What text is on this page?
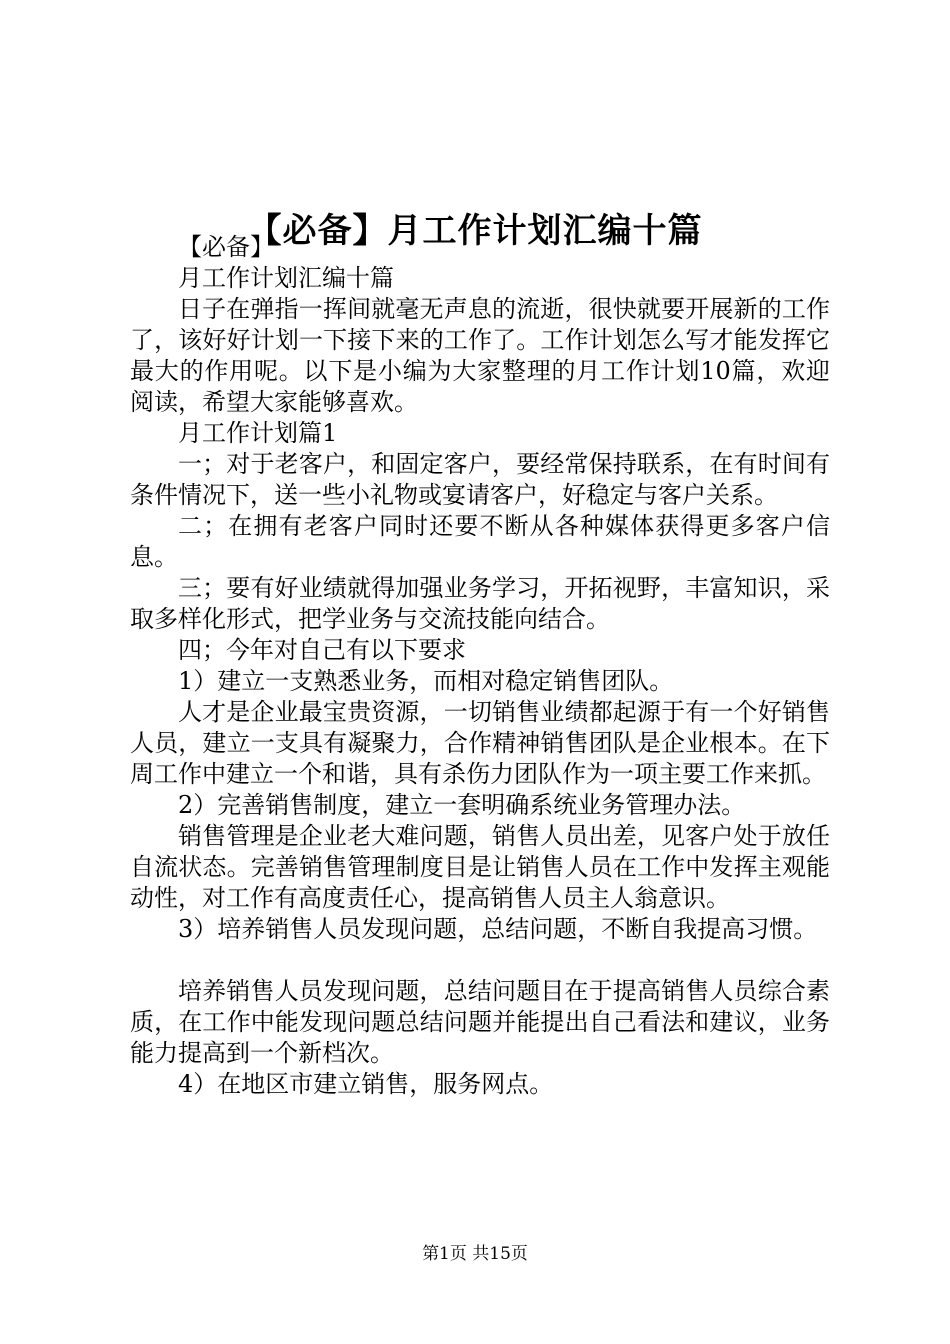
【必备】月工作计划汇编十篇

【必备】

月工作计划汇编十篇

日子在弹指一挥间就毫无声息的流逝，很快就要开展新的工作了，该好好计划一下接下来的工作了。工作计划怎么写才能发挥它最大的作用呢。以下是小编为大家整理的月工作计划10篇，欢迎阅读，希望大家能够喜欢。

月工作计划篇1

一；对于老客户，和固定客户，要经常保持联系，在有时间有条件情况下，送一些小礼物或宴请客户，好稳定与客户关系。

二；在拥有老客户同时还要不断从各种媒体获得更多客户信息。

三；要有好业绩就得加强业务学习，开拓视野，丰富知识，采取多样化形式，把学业务与交流技能向结合。

四；今年对自己有以下要求

1）建立一支熟悉业务，而相对稳定销售团队。

人才是企业最宝贵资源，一切销售业绩都起源于有一个好销售人员，建立一支具有凝聚力，合作精神销售团队是企业根本。在下周工作中建立一个和谐，具有杀伤力团队作为一项主要工作来抓。

2）完善销售制度，建立一套明确系统业务管理办法。

销售管理是企业老大难问题，销售人员出差，见客户处于放任自流状态。完善销售管理制度目是让销售人员在工作中发挥主观能动性，对工作有高度责任心，提高销售人员主人翁意识。

3）培养销售人员发现问题，总结问题，不断自我提高习惯。

培养销售人员发现问题，总结问题目在于提高销售人员综合素质，在工作中能发现问题总结问题并能提出自己看法和建议，业务能力提高到一个新档次。

4）在地区市建立销售，服务网点。

第1页 共15页
